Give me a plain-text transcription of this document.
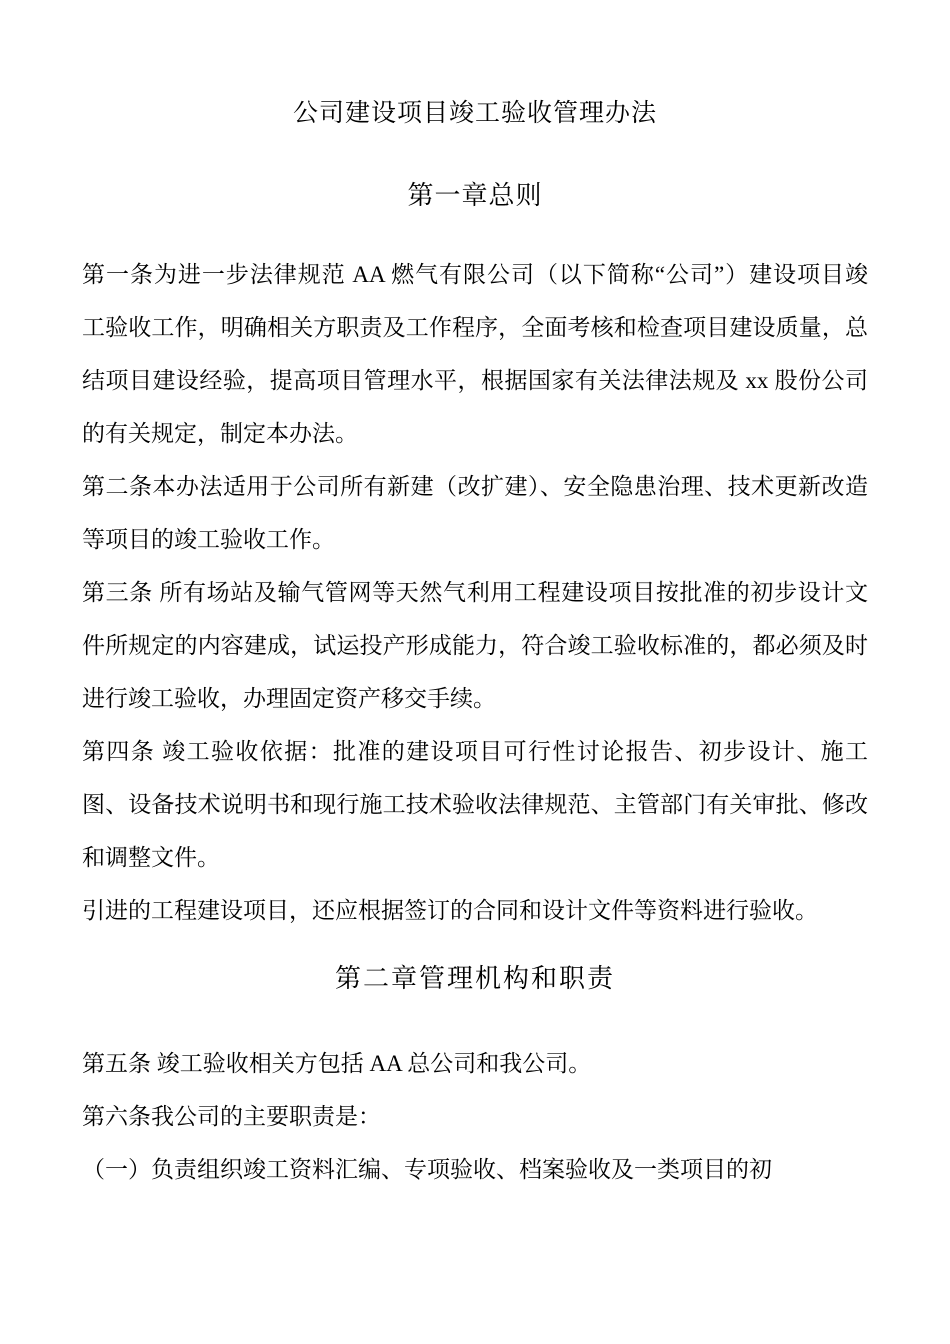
公司建设项目竣工验收管理办法
第一章总则
第一条为进一步法律规范 AA 燃气有限公司（以下简称“公司”）建设项目竣
工验收工作，明确相关方职责及工作程序，全面考核和检查项目建设质量，总
结项目建设经验，提高项目管理水平，根据国家有关法律法规及 xx 股份公司
的有关规定，制定本办法。
第二条本办法适用于公司所有新建（改扩建）、安全隐患治理、技术更新改造
等项目的竣工验收工作。
第三条 所有场站及输气管网等天然气利用工程建设项目按批准的初步设计文
件所规定的内容建成，试运投产形成能力，符合竣工验收标准的，都必须及时
进行竣工验收，办理固定资产移交手续。
第四条 竣工验收依据：批准的建设项目可行性讨论报告、初步设计、施工
图、设备技术说明书和现行施工技术验收法律规范、主管部门有关审批、修改
和调整文件。
引进的工程建设项目，还应根据签订的合同和设计文件等资料进行验收。
第二章管理机构和职责
第五条 竣工验收相关方包括 AA 总公司和我公司。
第六条我公司的主要职责是：
（一）负责组织竣工资料汇编、专项验收、档案验收及一类项目的初
